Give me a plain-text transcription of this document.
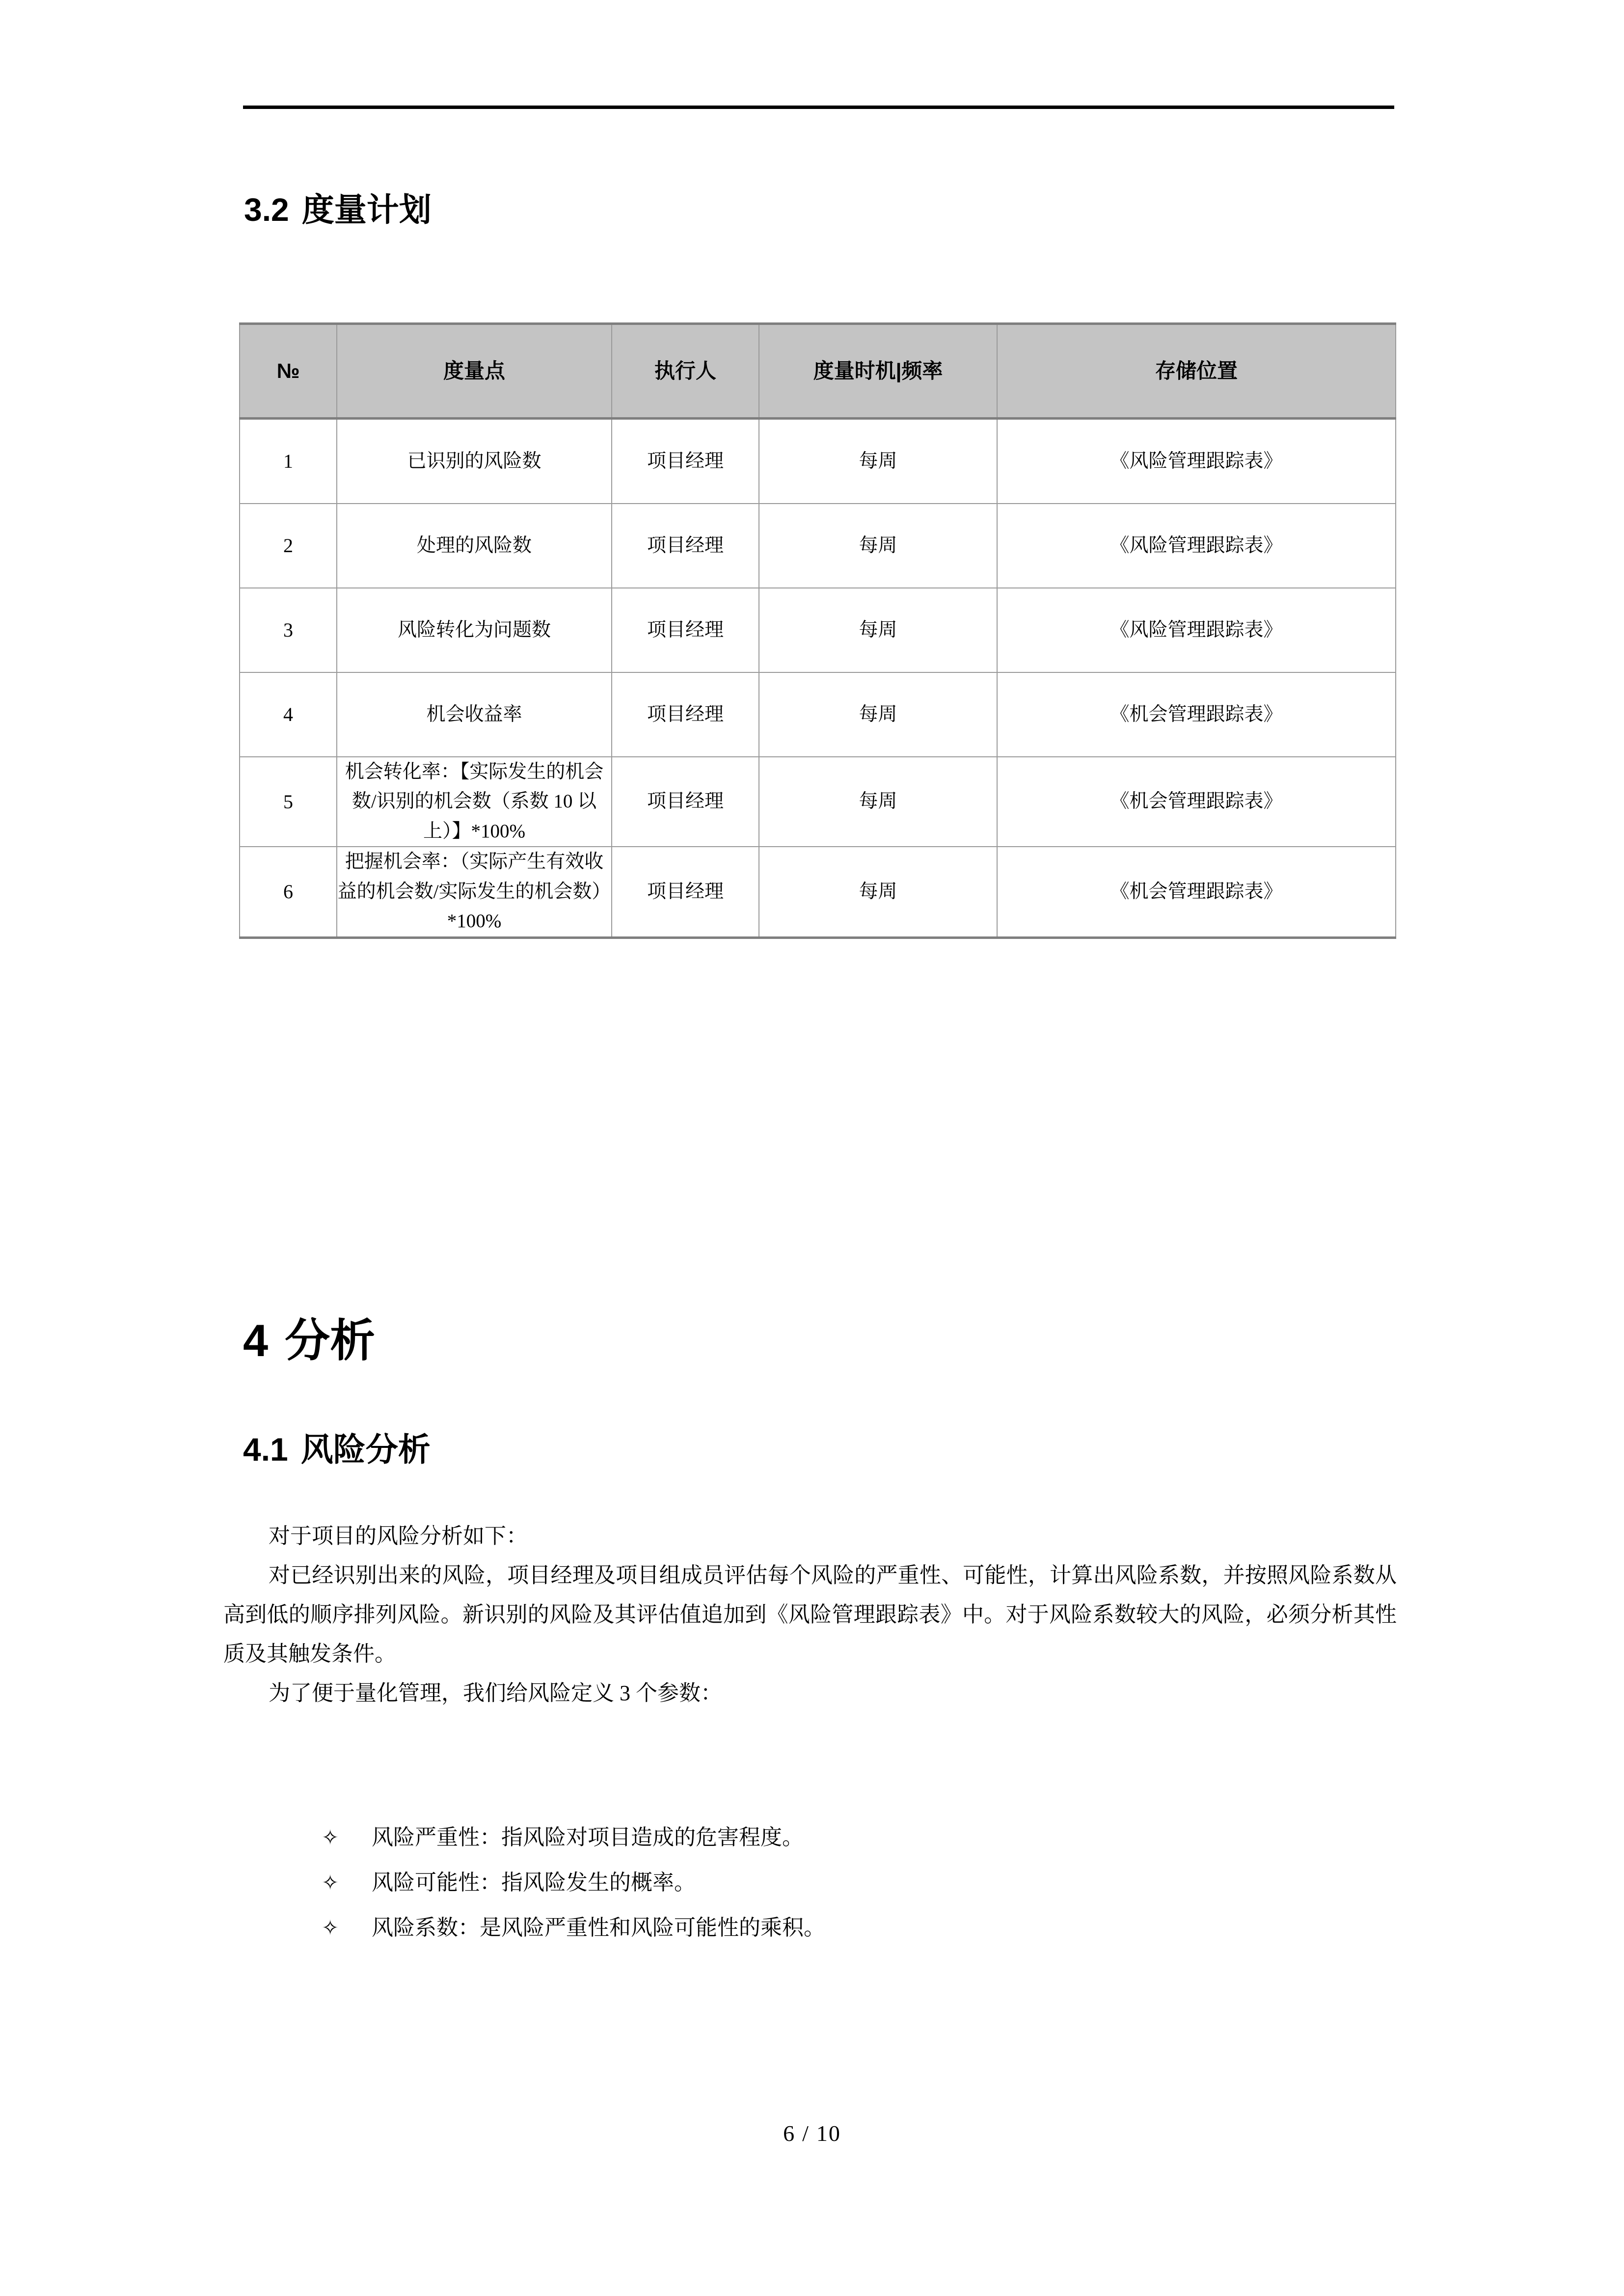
3.2 度量计划
№	度量点	执行人	度量时机|频率	存储位置
1	已识别的风险数	项目经理	每周	《风险管理跟踪表》
2	处理的风险数	项目经理	每周	《风险管理跟踪表》
3	风险转化为问题数	项目经理	每周	《风险管理跟踪表》
4	机会收益率	项目经理	每周	《机会管理跟踪表》
5	机会转化率：【实际发生的机会数/识别的机会数（系数 10 以上）】*100%	项目经理	每周	《机会管理跟踪表》
6	把握机会率：（实际产生有效收益的机会数/实际发生的机会数）*100%	项目经理	每周	《机会管理跟踪表》
4 分析
4.1 风险分析

对于项目的风险分析如下：

对已经识别出来的风险，项目经理及项目组成员评估每个风险的严重性、可能性，计算出风险系数，并按照风险系数从高到低的顺序排列风险。新识别的风险及其评估值追加到《风险管理跟踪表》中。对于风险系数较大的风险，必须分析其性质及其触发条件。

为了便于量化管理，我们给风险定义 3 个参数：

✧	风险严重性：指风险对项目造成的危害程度。
✧	风险可能性：指风险发生的概率。
✧	风险系数：是风险严重性和风险可能性的乘积。
6 / 10
